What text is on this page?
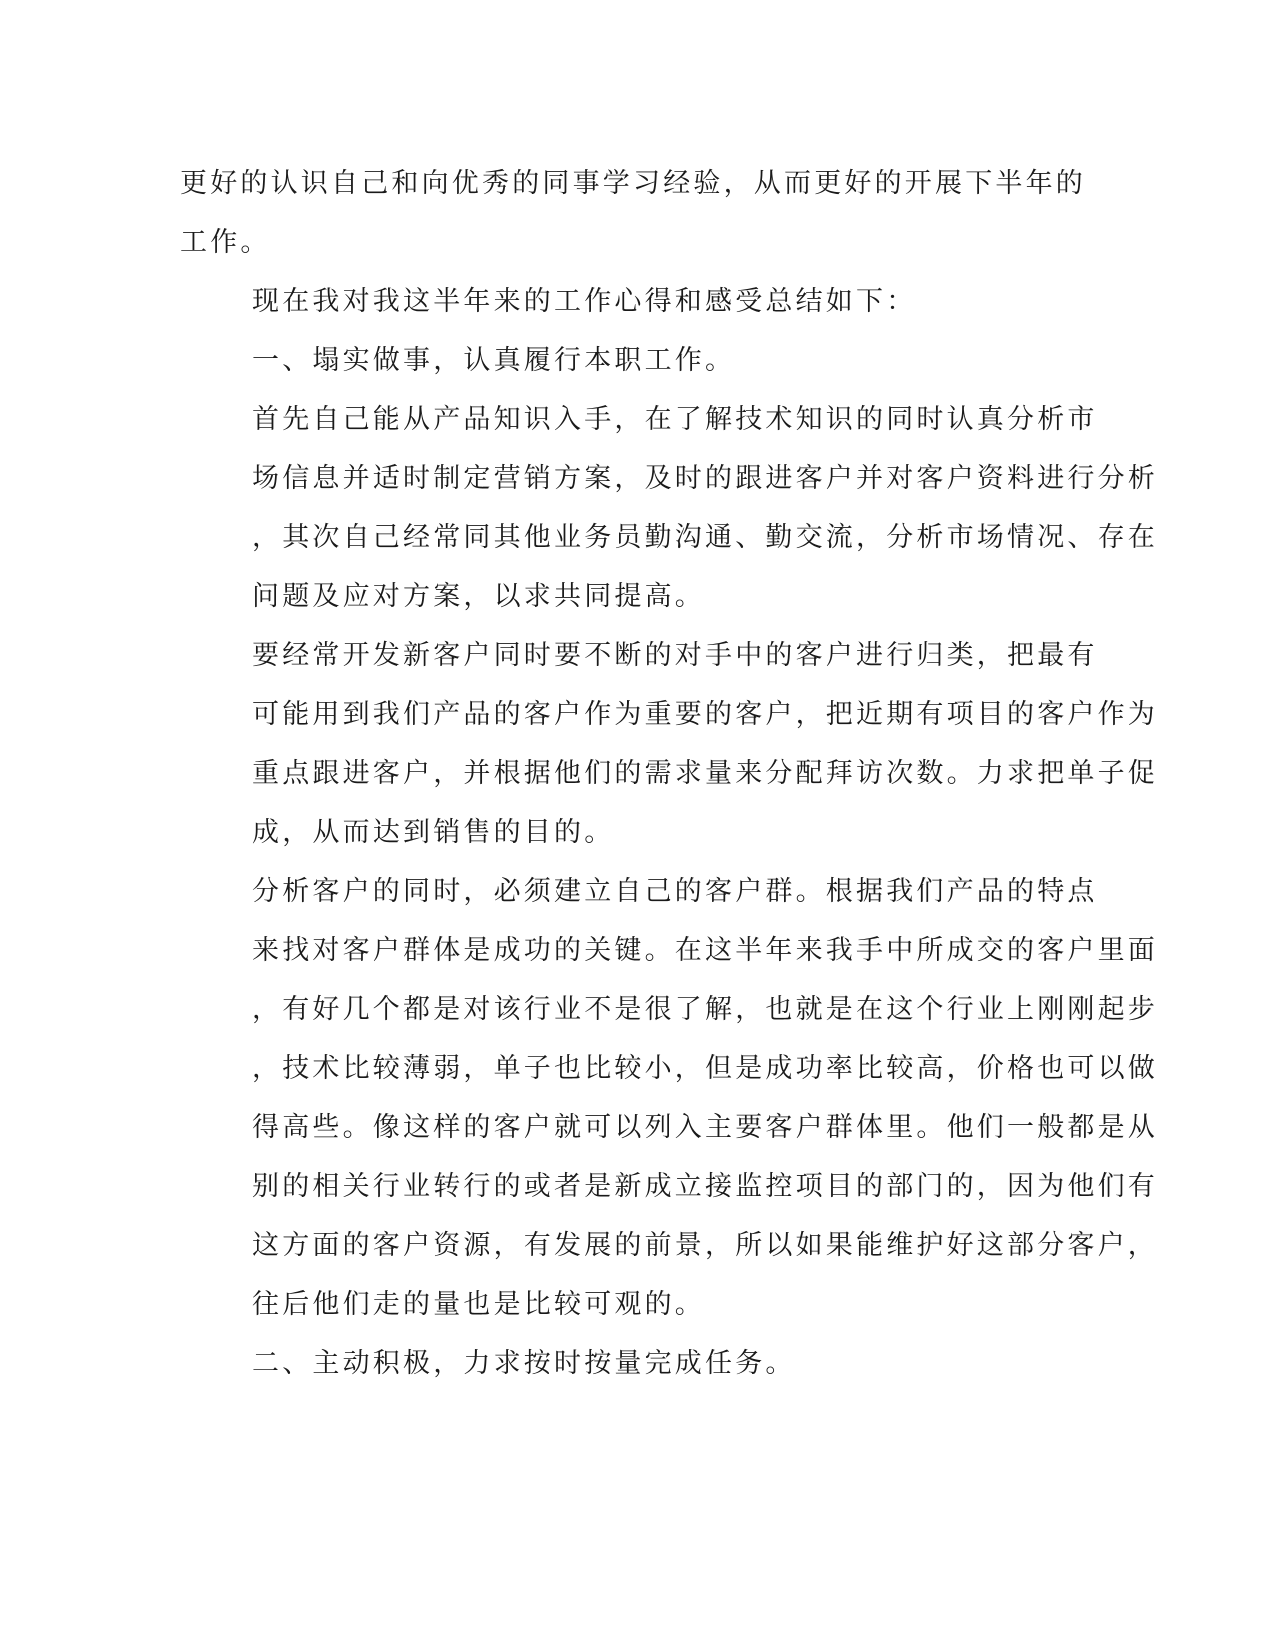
更好的认识自己和向优秀的同事学习经验，从而更好的开展下半年的
工作。

现在我对我这半年来的工作心得和感受总结如下：

一、塌实做事，认真履行本职工作。

首先自己能从产品知识入手，在了解技术知识的同时认真分析市
场信息并适时制定营销方案，及时的跟进客户并对客户资料进行分析
，其次自己经常同其他业务员勤沟通、勤交流，分析市场情况、存在
问题及应对方案，以求共同提高。

要经常开发新客户同时要不断的对手中的客户进行归类，把最有
可能用到我们产品的客户作为重要的客户，把近期有项目的客户作为
重点跟进客户，并根据他们的需求量来分配拜访次数。力求把单子促
成，从而达到销售的目的。

分析客户的同时，必须建立自己的客户群。根据我们产品的特点
来找对客户群体是成功的关键。在这半年来我手中所成交的客户里面
，有好几个都是对该行业不是很了解，也就是在这个行业上刚刚起步
，技术比较薄弱，单子也比较小，但是成功率比较高，价格也可以做
得高些。像这样的客户就可以列入主要客户群体里。他们一般都是从
别的相关行业转行的或者是新成立接监控项目的部门的，因为他们有
这方面的客户资源，有发展的前景，所以如果能维护好这部分客户，
往后他们走的量也是比较可观的。

二、主动积极，力求按时按量完成任务。
